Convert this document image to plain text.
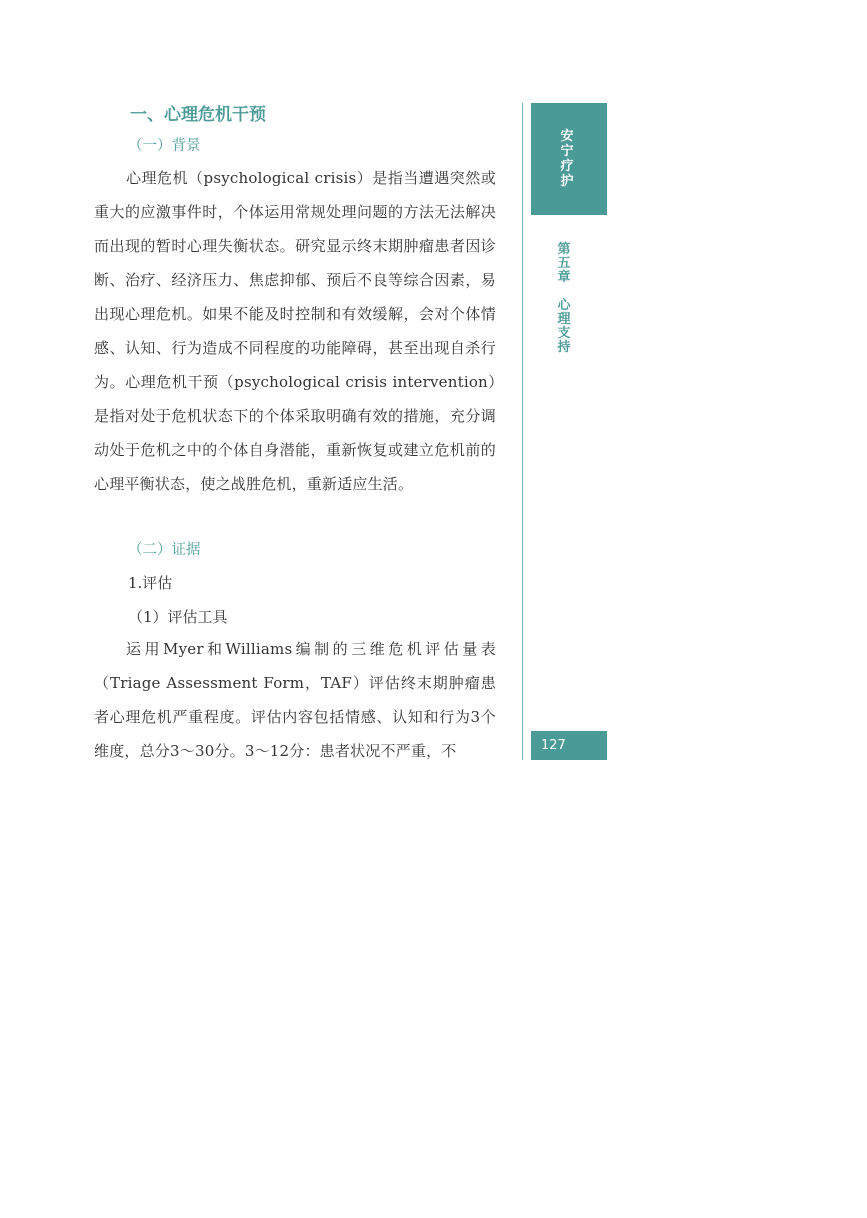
一、心理危机干预
（一）背景
心理危机（psychological crisis）是指当遭遇突然或重大的应激事件时，个体运用常规处理问题的方法无法解决而出现的暂时心理失衡状态。研究显示终末期肿瘤患者因诊断、治疗、经济压力、焦虑抑郁、预后不良等综合因素，易出现心理危机。如果不能及时控制和有效缓解，会对个体情感、认知、行为造成不同程度的功能障碍，甚至出现自杀行为。心理危机干预（psychological crisis intervention）是指对处于危机状态下的个体采取明确有效的措施，充分调动处于危机之中的个体自身潜能，重新恢复或建立危机前的心理平衡状态，使之战胜危机，重新适应生活。
（二）证据
1.评估
（1）评估工具
运用Myer和Williams编制的三维危机评估量表（Triage Assessment Form，TAF）评估终末期肿瘤患者心理危机严重程度。评估内容包括情感、认知和行为3个维度，总分3～30分。3～12分：患者状况不严重，不
安宁疗护
第五章
心理支持
127
